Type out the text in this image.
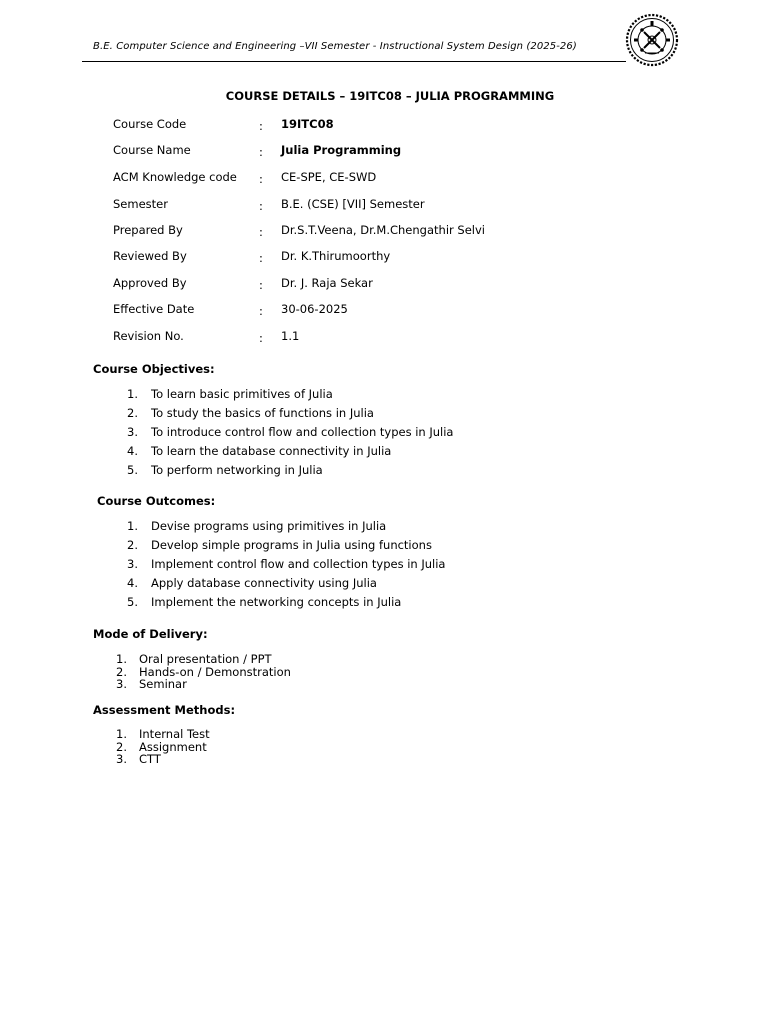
B.E. Computer Science and Engineering –VII Semester - Instructional System Design (2025-26)
COURSE DETAILS – 19ITC08 – JULIA PROGRAMMING
Course Code	: 19ITC08
Course Name	: Julia Programming
ACM Knowledge code : CE-SPE, CE-SWD
Semester	: B.E. (CSE) [VII] Semester
Prepared By	: Dr.S.T.Veena, Dr.M.Chengathir Selvi
Reviewed By	: Dr. K.Thirumoorthy
Approved By	: Dr. J. Raja Sekar
Effective Date	: 30-06-2025
Revision No.	: 1.1
Course Objectives:
1. To learn basic primitives of Julia
2. To study the basics of functions in Julia
3. To introduce control flow and collection types in Julia
4. To learn the database connectivity in Julia
5. To perform networking in Julia
Course Outcomes:
1. Devise programs using primitives in Julia
2. Develop simple programs in Julia using functions
3. Implement control flow and collection types in Julia
4. Apply database connectivity using Julia
5. Implement the networking concepts in Julia
Mode of Delivery:
1. Oral presentation / PPT
2. Hands-on / Demonstration
3. Seminar
Assessment Methods:
1. Internal Test
2. Assignment
3. CTT
